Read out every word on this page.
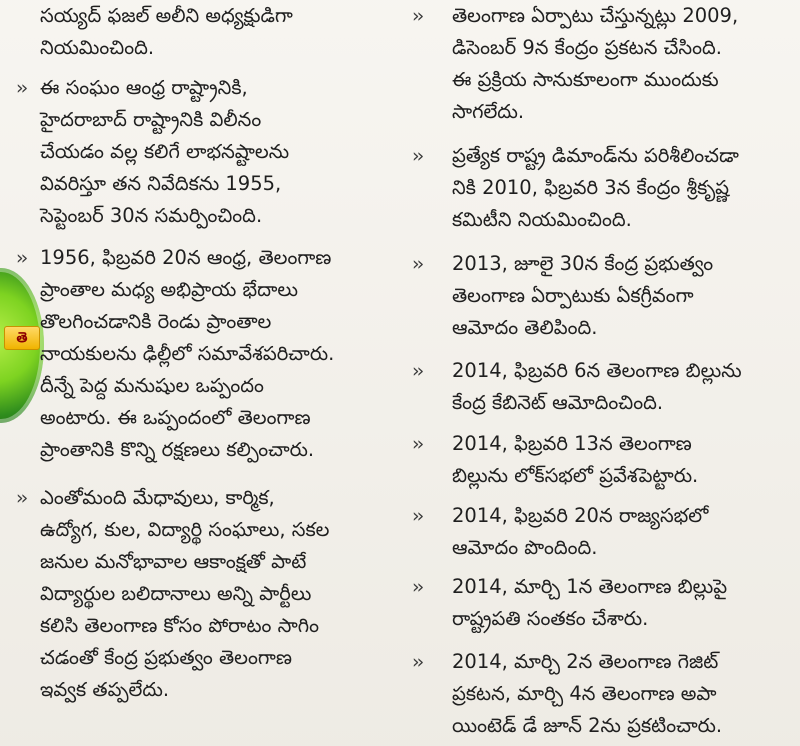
తె
సయ్యద్ ఫజల్ అలీని అధ్యక్షుడిగా
నియమించింది.
›› ఈ సంఘం ఆంధ్ర రాష్ట్రానికి,
హైదరాబాద్ రాష్ట్రానికి విలీనం
చేయడం వల్ల కలిగే లాభనష్టాలను
వివరిస్తూ తన నివేదికను 1955,
సెప్టెంబర్ 30న సమర్పించింది.
›› 1956, ఫిబ్రవరి 20న ఆంధ్ర, తెలంగాణ
ప్రాంతాల మధ్య అభిప్రాయ భేదాలు
తొలగించడానికి రెండు ప్రాంతాల
నాయకులను ఢిల్లీలో సమావేశపరిచారు.
దీన్నే పెద్ద మనుషుల ఒప్పందం
అంటారు. ఈ ఒప్పందంలో తెలంగాణ
ప్రాంతానికి కొన్ని రక్షణలు కల్పించారు.
›› ఎంతోమంది మేధావులు, కార్మిక,
ఉద్యోగ, కుల, విద్యార్థి సంఘాలు, సకల
జనుల మనోభావాల ఆకాంక్షతో పాటే
విద్యార్థుల బలిదానాలు అన్ని పార్టీలు
కలిసి తెలంగాణ కోసం పోరాటం సాగిం
చడంతో కేంద్ర ప్రభుత్వం తెలంగాణ
ఇవ్వక తప్పలేదు.
››	తెలంగాణ ఏర్పాటు చేస్తున్నట్లు 2009,
డిసెంబర్ 9న కేంద్రం ప్రకటన చేసింది.
ఈ ప్రక్రియ సానుకూలంగా ముందుకు
సాగలేదు.
››	ప్రత్యేక రాష్ట్ర డిమాండ్‌ను పరిశీలించడా
నికి 2010, ఫిబ్రవరి 3న కేంద్రం శ్రీకృష్ణ
కమిటీని నియమించింది.
››	2013, జూలై 30న కేంద్ర ప్రభుత్వం
తెలంగాణ ఏర్పాటుకు ఏకగ్రీవంగా
ఆమోదం తెలిపింది.
››	2014, ఫిబ్రవరి 6న తెలంగాణ బిల్లును
కేంద్ర కేబినెట్ ఆమోదించింది.
››	2014, ఫిబ్రవరి 13న తెలంగాణ
బిల్లును లోక్‌సభలో ప్రవేశపెట్టారు.
››	2014, ఫిబ్రవరి 20న రాజ్యసభలో
ఆమోదం పొందింది.
››	2014, మార్చి 1న తెలంగాణ బిల్లుపై
రాష్ట్రపతి సంతకం చేశారు.
››	2014, మార్చి 2న తెలంగాణ గెజిట్
ప్రకటన, మార్చి 4న తెలంగాణ అపా
యింటెడ్ డే జూన్ 2ను ప్రకటించారు.
